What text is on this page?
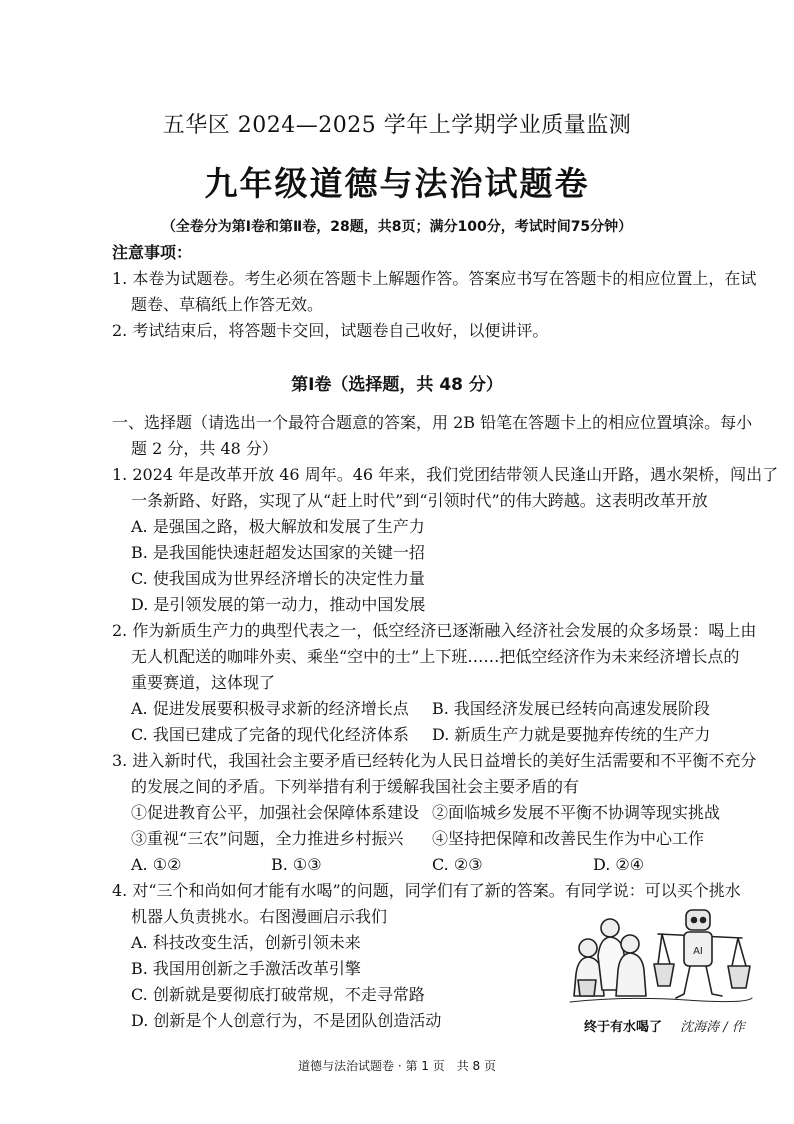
五华区 2024—2025 学年上学期学业质量监测
九年级道德与法治试题卷
（全卷分为第Ⅰ卷和第Ⅱ卷，28题，共8页；满分100分，考试时间75分钟）
注意事项：
1. 本卷为试题卷。考生必须在答题卡上解题作答。答案应书写在答题卡的相应位置上，在试
题卷、草稿纸上作答无效。
2. 考试结束后，将答题卡交回，试题卷自己收好，以便讲评。
第Ⅰ卷（选择题，共 48 分）
一、选择题（请选出一个最符合题意的答案，用 2B 铅笔在答题卡上的相应位置填涂。每小
题 2 分，共 48 分）
1. 2024 年是改革开放 46 周年。46 年来，我们党团结带领人民逢山开路，遇水架桥，闯出了
一条新路、好路，实现了从“赶上时代”到“引领时代”的伟大跨越。这表明改革开放
A. 是强国之路，极大解放和发展了生产力
B. 是我国能快速赶超发达国家的关键一招
C. 使我国成为世界经济增长的决定性力量
D. 是引领发展的第一动力，推动中国发展
2. 作为新质生产力的典型代表之一，低空经济已逐渐融入经济社会发展的众多场景：喝上由
无人机配送的咖啡外卖、乘坐“空中的士”上下班……把低空经济作为未来经济增长点的
重要赛道，这体现了
A. 促进发展要积极寻求新的经济增长点 B. 我国经济发展已经转向高速发展阶段
C. 我国已建成了完备的现代化经济体系 D. 新质生产力就是要抛弃传统的生产力
3. 进入新时代，我国社会主要矛盾已经转化为人民日益增长的美好生活需要和不平衡不充分
的发展之间的矛盾。下列举措有利于缓解我国社会主要矛盾的有
①促进教育公平，加强社会保障体系建设 ②面临城乡发展不平衡不协调等现实挑战
③重视“三农”问题，全力推进乡村振兴 ④坚持把保障和改善民生作为中心工作
A. ①②	B. ①③	C. ②③	D. ②④
4. 对“三个和尚如何才能有水喝”的问题，同学们有了新的答案。有同学说：可以买个挑水
机器人负责挑水。右图漫画启示我们
A. 科技改变生活，创新引领未来
B. 我国用创新之手激活改革引擎
C. 创新就是要彻底打破常规，不走寻常路
D. 创新是个人创意行为，不是团队创造活动
AI
终于有水喝了 沈海涛 / 作
道德与法治试题卷 · 第 1 页　共 8 页
